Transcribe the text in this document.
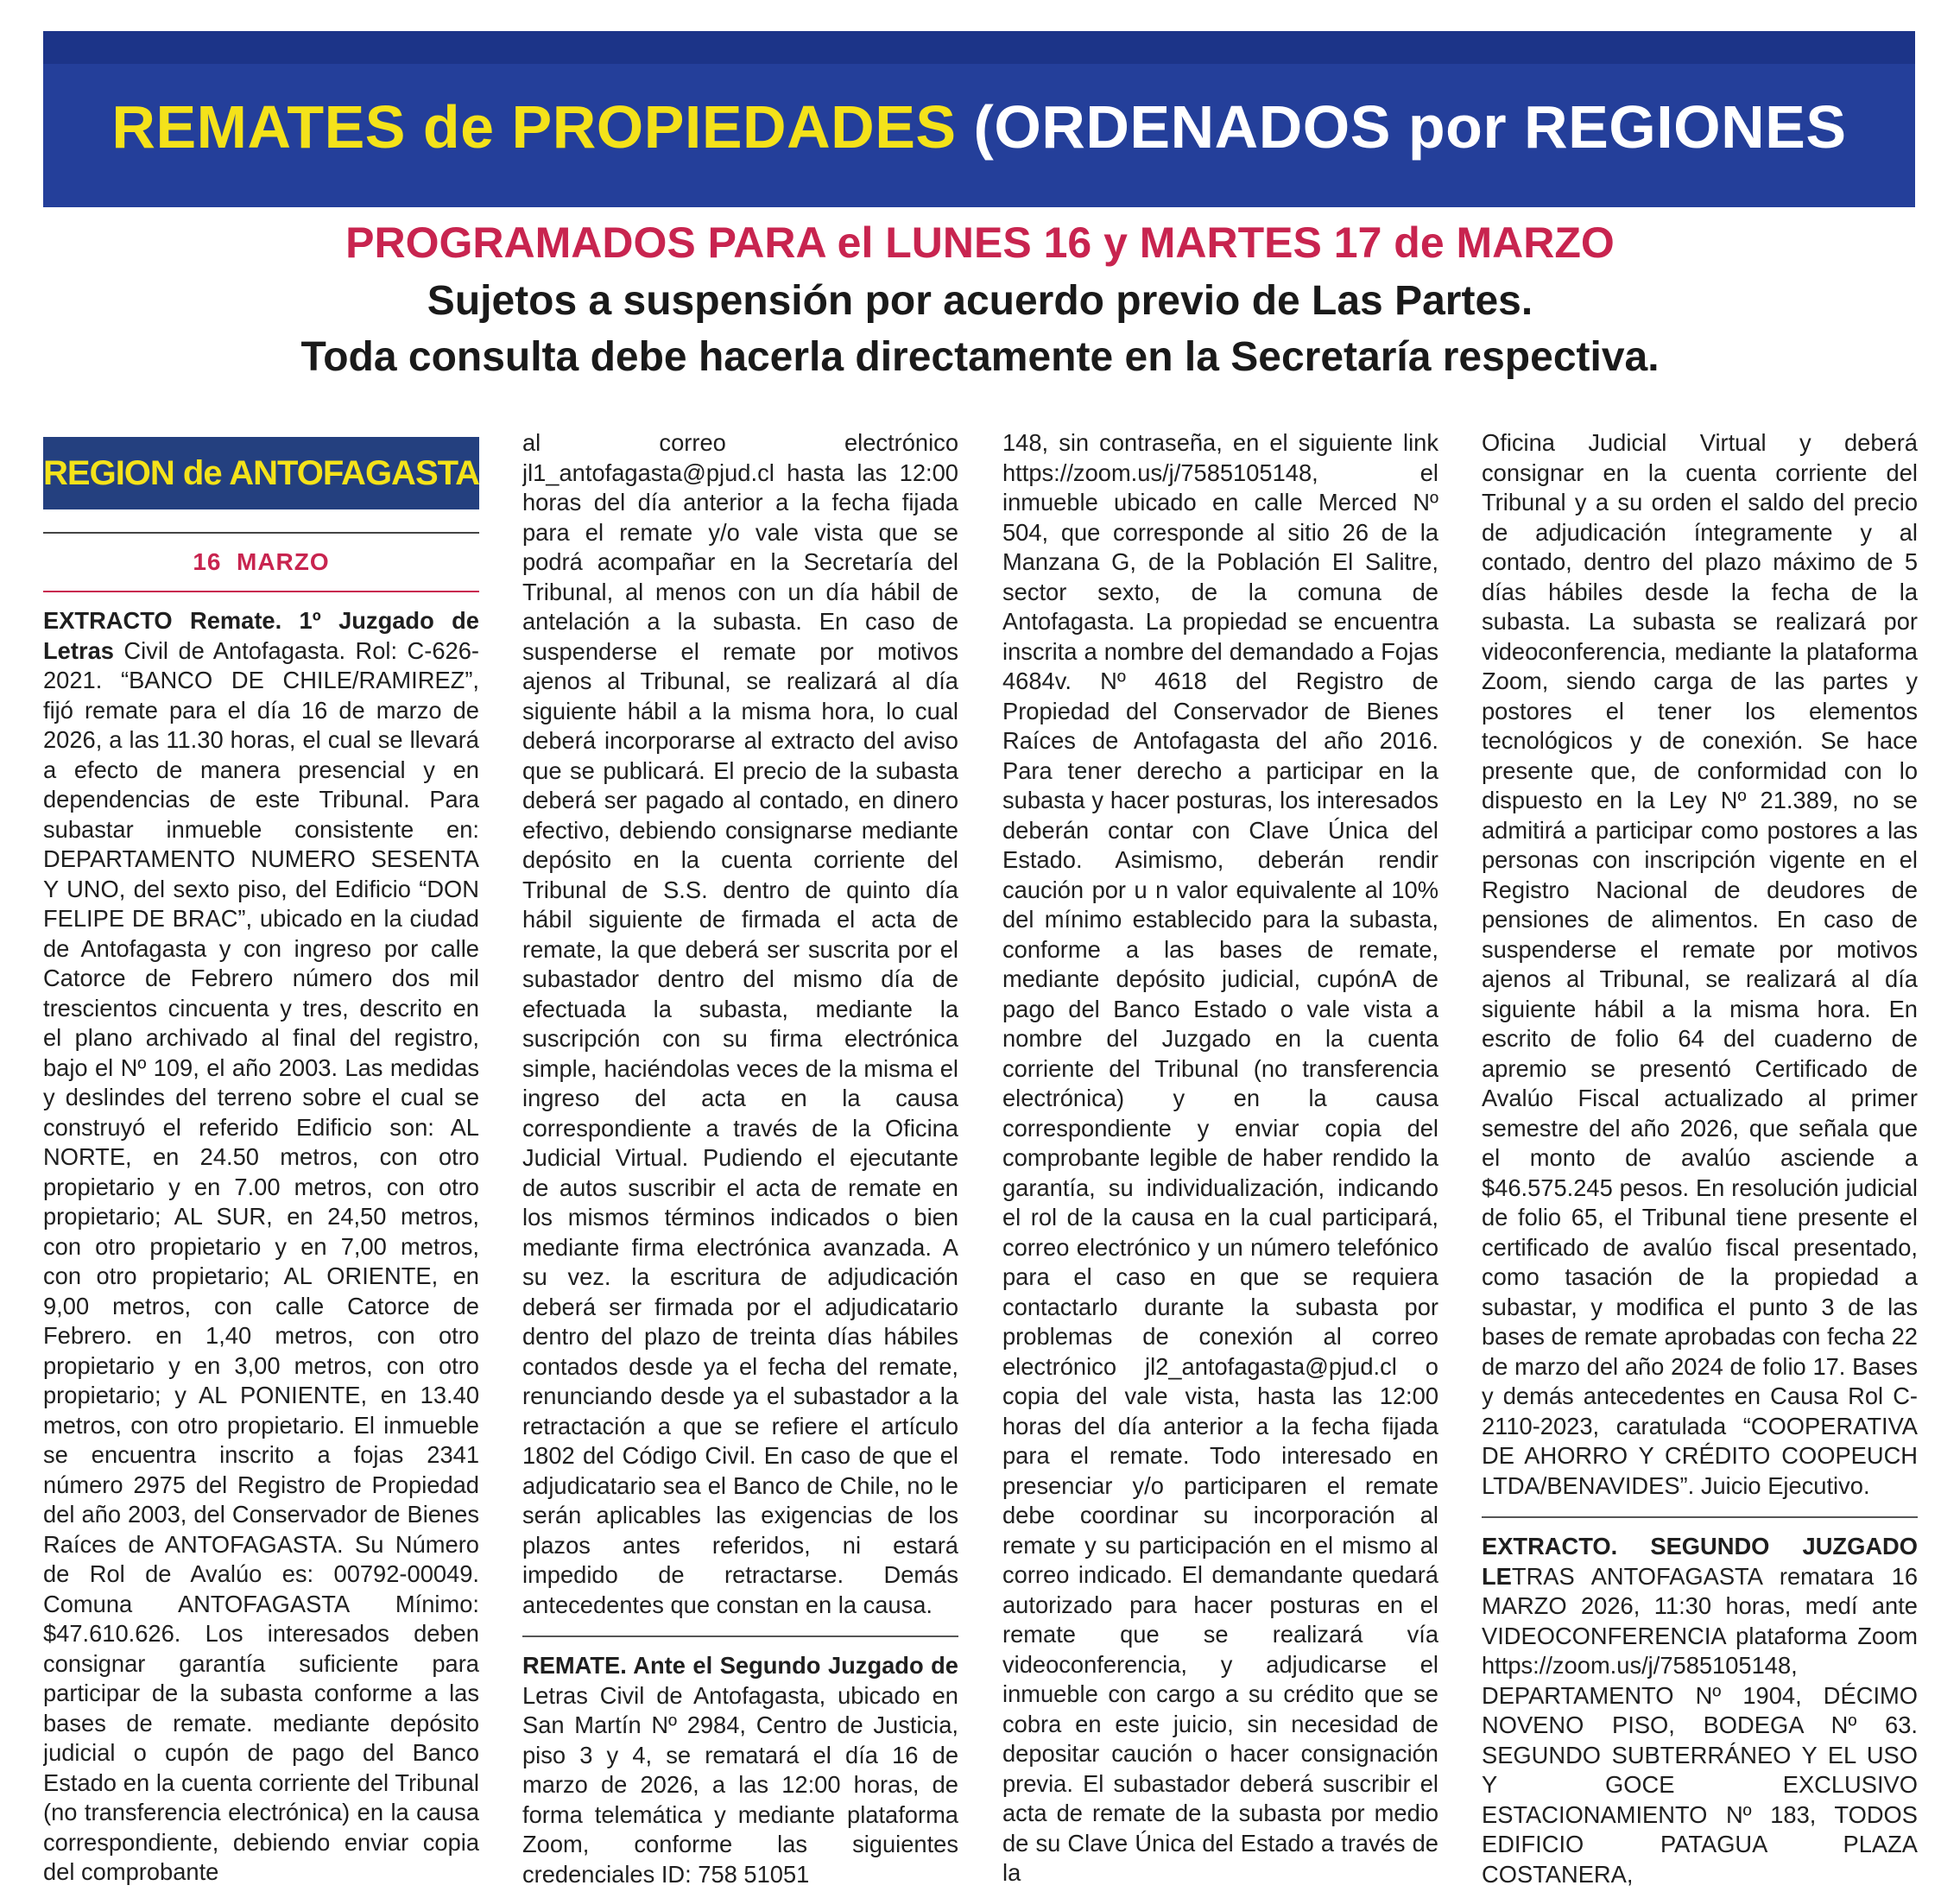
REMATES de PROPIEDADES (ORDENADOS por REGIONES
PROGRAMADOS PARA el LUNES 16 y MARTES 17 de MARZO
Sujetos a suspensión por acuerdo previo de Las Partes.
Toda consulta debe hacerla directamente en la Secretaría respectiva.
REGION de ANTOFAGASTA
16  MARZO

EXTRACTO Remate. 1º Juzgado de Letras Civil de Antofagasta. Rol: C-626-2021. “BANCO DE CHILE/RAMIREZ”, fijó remate para el día 16 de marzo de 2026, a las 11.30 horas, el cual se llevará a efecto de manera presencial y en dependencias de este Tribunal. Para subastar inmueble consistente en: DEPARTAMENTO NUMERO SESENTA Y UNO, del sexto piso, del Edificio “DON FELIPE DE BRAC”, ubicado en la ciudad de Antofagasta y con ingreso por calle Catorce de Febrero número dos mil trescientos cincuenta y tres, descrito en el plano archivado al final del registro, bajo el Nº 109, el año 2003. Las medidas y deslindes del terreno sobre el cual se construyó el referido Edificio son: AL NORTE, en 24.50 metros, con otro propietario y en 7.00 metros, con otro propietario; AL SUR, en 24,50 metros, con otro propietario y en 7,00 metros, con otro propietario; AL ORIENTE, en 9,00 metros, con calle Catorce de Febrero. en 1,40 metros, con otro propietario y en 3,00 metros, con otro propietario; y AL PONIENTE, en 13.40 metros, con otro propietario. El inmueble se encuentra inscrito a fojas 2341 número 2975 del Registro de Propiedad del año 2003, del Conservador de Bienes Raíces de ANTOFAGASTA. Su Número de Rol de Avalúo es: 00792-00049. Comuna ANTOFAGASTA Mínimo: $47.610.626. Los interesados deben consignar garantía suficiente para participar de la subasta conforme a las bases de remate. mediante depósito judicial o cupón de pago del Banco Estado en la cuenta corriente del Tribunal (no transferencia electrónica) en la causa correspondiente, debiendo enviar copia del comprobante

al correo electrónico jl1_antofagasta@pjud.cl hasta las 12:00 horas del día anterior a la fecha fijada para el remate y/o vale vista que se podrá acompañar en la Secretaría del Tribunal, al menos con un día hábil de antelación a la subasta. En caso de suspenderse el remate por motivos ajenos al Tribunal, se realizará al día siguiente hábil a la misma hora, lo cual deberá incorporarse al extracto del aviso que se publicará. El precio de la subasta deberá ser pagado al contado, en dinero efectivo, debiendo consignarse mediante depósito en la cuenta corriente del Tribunal de S.S. dentro de quinto día hábil siguiente de firmada el acta de remate, la que deberá ser suscrita por el subastador dentro del mismo día de efectuada la subasta, mediante la suscripción con su firma electrónica simple, haciéndolas veces de la misma el ingreso del acta en la causa correspondiente a través de la Oficina Judicial Virtual. Pudiendo el ejecutante de autos suscribir el acta de remate en los mismos términos indicados o bien mediante firma electrónica avanzada. A su vez. la escritura de adjudicación deberá ser firmada por el adjudicatario dentro del plazo de treinta días hábiles contados desde ya el fecha del remate, renunciando desde ya el subastador a la retractación a que se refiere el artículo 1802 del Código Civil. En caso de que el adjudicatario sea el Banco de Chile, no le serán aplicables las exigencias de los plazos antes referidos, ni estará impedido de retractarse. Demás antecedentes que constan en la causa.

REMATE. Ante el Segundo Juzgado de Letras Civil de Antofagasta, ubicado en San Martín Nº 2984, Centro de Justicia, piso 3 y 4, se rematará el día 16 de marzo de 2026, a las 12:00 horas, de forma telemática y mediante plataforma Zoom, conforme las siguientes credenciales ID: 758 51051

148, sin contraseña, en el siguiente link https://zoom.us/j/7585105148, el inmueble ubicado en calle Merced Nº 504, que corresponde al sitio 26 de la Manzana G, de la Población El Salitre, sector sexto, de la comuna de Antofagasta. La propiedad se encuentra inscrita a nombre del demandado a Fojas 4684v. Nº 4618 del Registro de Propiedad del Conservador de Bienes Raíces de Antofagasta del año 2016. Para tener derecho a participar en la subasta y hacer posturas, los interesados deberán contar con Clave Única del Estado. Asimismo, deberán rendir caución por u n valor equivalente al 10% del mínimo establecido para la subasta, conforme a las bases de remate, mediante depósito judicial, cupónA de pago del Banco Estado o vale vista a nombre del Juzgado en la cuenta corriente del Tribunal (no transferencia electrónica) y en la causa correspondiente y enviar copia del comprobante legible de haber rendido la garantía, su individualización, indicando el rol de la causa en la cual participará, correo electrónico y un número telefónico para el caso en que se requiera contactarlo durante la subasta por problemas de conexión al correo electrónico jl2_antofagasta@pjud.cl o copia del vale vista, hasta las 12:00 horas del día anterior a la fecha fijada para el remate. Todo interesado en presenciar y/o participaren el remate debe coordinar su incorporación al remate y su participación en el mismo al correo indicado. El demandante quedará autorizado para hacer posturas en el remate que se realizará vía videoconferencia, y adjudicarse el inmueble con cargo a su crédito que se cobra en este juicio, sin necesidad de depositar caución o hacer consignación previa. El subastador deberá suscribir el acta de remate de la subasta por medio de su Clave Única del Estado a través de la

Oficina Judicial Virtual y deberá consignar en la cuenta corriente del Tribunal y a su orden el saldo del precio de adjudicación íntegramente y al contado, dentro del plazo máximo de 5 días hábiles desde la fecha de la subasta. La subasta se realizará por videoconferencia, mediante la plataforma Zoom, siendo carga de las partes y postores el tener los elementos tecnológicos y de conexión. Se hace presente que, de conformidad con lo dispuesto en la Ley Nº 21.389, no se admitirá a participar como postores a las personas con inscripción vigente en el Registro Nacional de deudores de pensiones de alimentos. En caso de suspenderse el remate por motivos ajenos al Tribunal, se realizará al día siguiente hábil a la misma hora. En escrito de folio 64 del cuaderno de apremio se presentó Certificado de Avalúo Fiscal actualizado al primer semestre del año 2026, que señala que el monto de avalúo asciende a $46.575.245 pesos. En resolución judicial de folio 65, el Tribunal tiene presente el certificado de avalúo fiscal presentado, como tasación de la propiedad a subastar, y modifica el punto 3 de las bases de remate aprobadas con fecha 22 de marzo del año 2024 de folio 17. Bases y demás antecedentes en Causa Rol C-2110-2023, caratulada “COOPERATIVA DE AHORRO Y CRÉDITO COOPEUCH LTDA/BENAVIDES”. Juicio Ejecutivo.

EXTRACTO. SEGUNDO JUZGADO LETRAS ANTOFAGASTA rematara 16 MARZO 2026, 11:30 horas, medí ante VIDEOCONFERENCIA plataforma Zoom https://zoom.us/j/7585105148, DEPARTAMENTO Nº 1904, DÉCIMO NOVENO PISO, BODEGA Nº 63. SEGUNDO SUBTERRÁNEO Y EL USO Y GOCE EXCLUSIVO ESTACIONAMIENTO Nº 183, TODOS EDIFICIO PATAGUA PLAZA COSTANERA,
